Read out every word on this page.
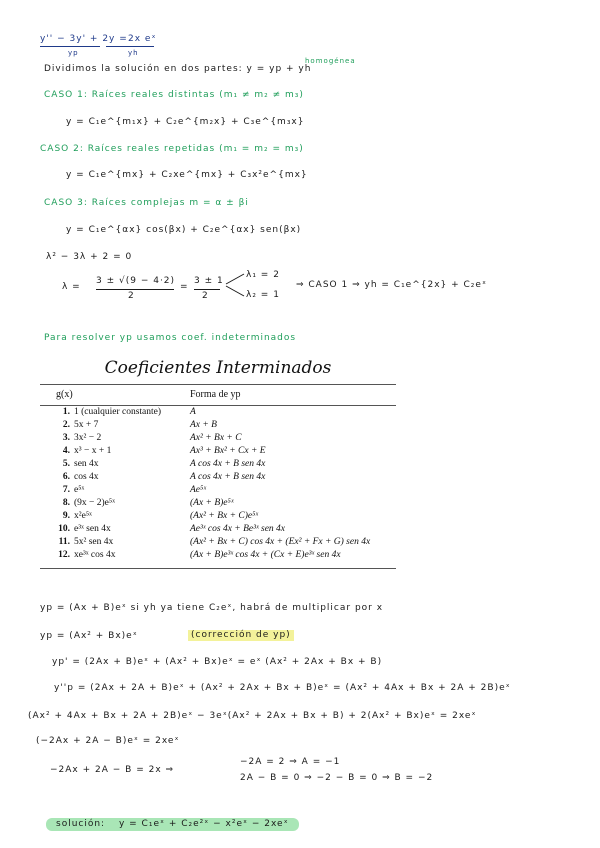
y'' − 3y' + 2y = 2x eˣ
yp	yh
homogénea
Dividimos la solución en dos partes: y = yp + yh
CASO 1: Raíces reales distintas (m₁ ≠ m₂ ≠ m₃)
y = C₁e^{m₁x} + C₂e^{m₂x} + C₃e^{m₃x}
CASO 2: Raíces reales repetidas (m₁ = m₂ = m₃)
y = C₁e^{mx} + C₂xe^{mx} + C₃x²e^{mx}
CASO 3: Raíces complejas m = α ± βi
y = C₁e^{αx} cos(βx) + C₂e^{αx} sen(βx)
λ² − 3λ + 2 = 0
λ =
3 ± √(9 − 4·2)
2
=
3 ± 1
2
λ₁ = 2
λ₂ = 1
⇒ CASO 1 ⇒ yh = C₁e^{2x} + C₂eˣ
Para resolver yp usamos coef. indeterminados
Coeficientes Interminados
g(x)	Forma de yp
1. 1 (cualquier constante)	A
2. 5x + 7	Ax + B
3. 3x² − 2	Ax² + Bx + C
4. x³ − x + 1	Ax³ + Bx² + Cx + E
5. sen 4x	A cos 4x + B sen 4x
6. cos 4x	A cos 4x + B sen 4x
7. e⁵ˣ	Ae⁵ˣ
8. (9x − 2)e⁵ˣ	(Ax + B)e⁵ˣ
9. x²e⁵ˣ	(Ax² + Bx + C)e⁵ˣ
10. e³ˣ sen 4x	Ae³ˣ cos 4x + Be³ˣ sen 4x
11. 5x² sen 4x	(Ax² + Bx + C) cos 4x + (Ex² + Fx + G) sen 4x
12. xe³ˣ cos 4x	(Ax + B)e³ˣ cos 4x + (Cx + E)e³ˣ sen 4x
yp = (Ax + B)eˣ si yh ya tiene C₂eˣ, habrá de multiplicar por x
yp = (Ax² + Bx)eˣ	(corrección de yp)
yp' = (2Ax + B)eˣ + (Ax² + Bx)eˣ = eˣ (Ax² + 2Ax + Bx + B)
y''p = (2Ax + 2A + B)eˣ + (Ax² + 2Ax + Bx + B)eˣ = (Ax² + 4Ax + Bx + 2A + 2B)eˣ
(Ax² + 4Ax + Bx + 2A + 2B)eˣ − 3eˣ(Ax² + 2Ax + Bx + B) + 2(Ax² + Bx)eˣ = 2xeˣ
(−2Ax + 2A − B)eˣ = 2xeˣ
−2Ax + 2A − B = 2x ⇒
−2A = 2 ⇒ A = −1
2A − B = 0 ⇒ −2 − B = 0 ⇒ B = −2
solución: y = C₁eˣ + C₂e²ˣ − x²eˣ − 2xeˣ
